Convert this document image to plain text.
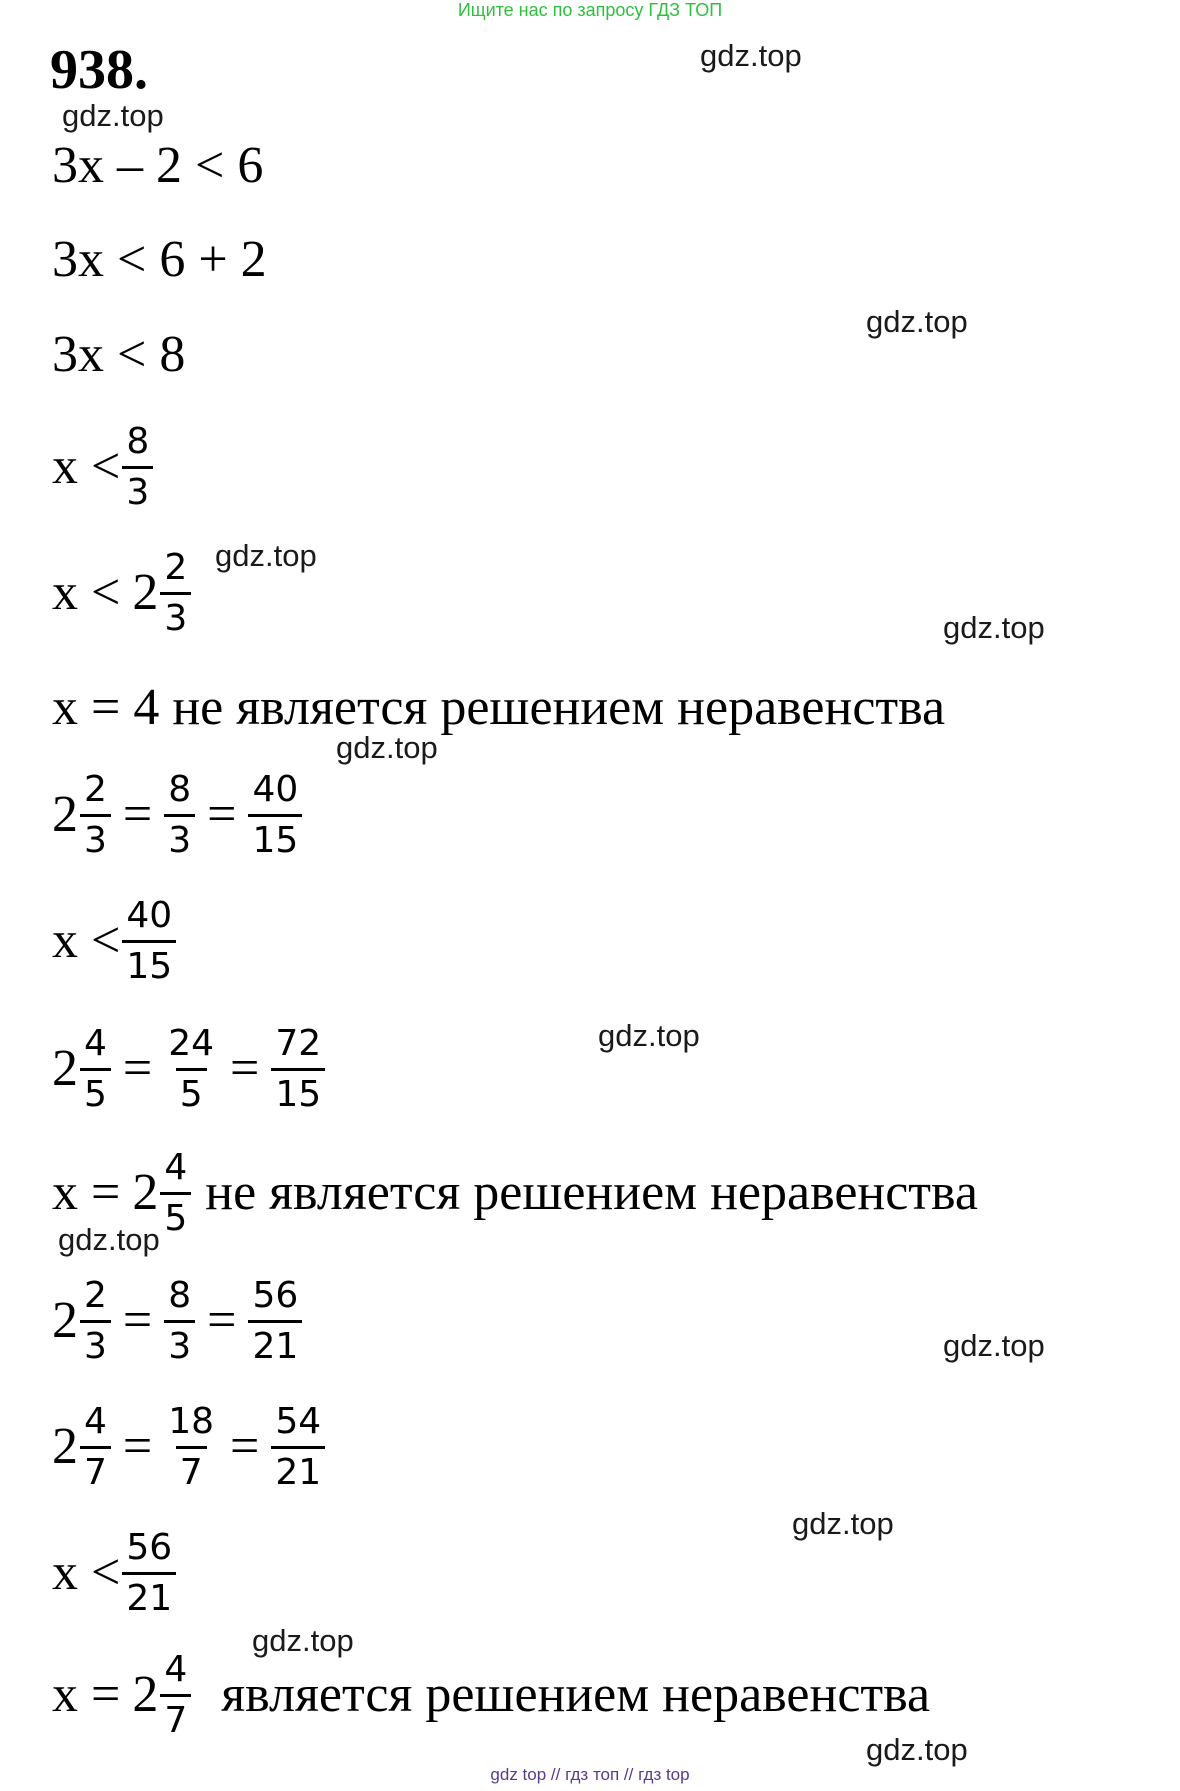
Ищите нас по запросу ГДЗ ТОП
938.	gdz.top
gdz.top
gdz.top
gdz.top
gdz.top
gdz.top
gdz.top
gdz.top
gdz.top
gdz.top
gdz.top
gdz.top
3x – 2 < 6
3x < 6 + 2
3x < 8
$x < \frac{8}{3}$
$x < 2 \frac{2}{3}$
x = 4 не является решением неравенства
$2 \frac{2}{3} = \frac{8}{3} = \frac{40}{15}$
$x < \frac{40}{15}$
$2 \frac{4}{5} = \frac{24}{5} = \frac{72}{15}$
$x = 2 \frac{4}{5}$ не является решением неравенства
$2 \frac{2}{3} = \frac{8}{3} = \frac{56}{21}$
$2 \frac{4}{7} = \frac{18}{7} = \frac{54}{21}$
$x < \frac{56}{21}$
$x = 2 \frac{4}{7}$ является решением неравенства
gdz top // гдз топ // гдз top
